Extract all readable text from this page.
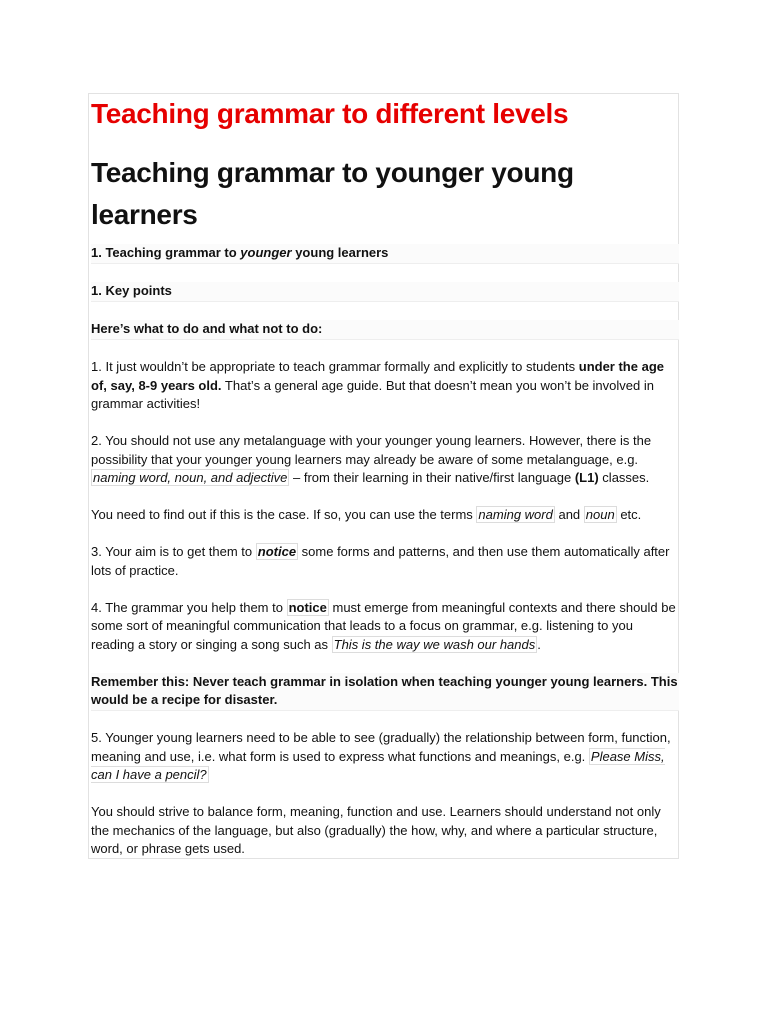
Teaching grammar to different levels
Teaching grammar to younger young learners

1. Teaching grammar to younger young learners

1. Key points

Here’s what to do and what not to do:

1. It just wouldn’t be appropriate to teach grammar formally and explicitly to students under the age of, say, 8-9 years old. That’s a general age guide. But that doesn’t mean you won’t be involved in grammar activities!

2. You should not use any metalanguage with your younger young learners. However, there is the possibility that your younger young learners may already be aware of some metalanguage, e.g. naming word, noun, and adjective – from their learning in their native/first language (L1) classes.

You need to find out if this is the case. If so, you can use the terms naming word and noun etc.

3. Your aim is to get them to notice some forms and patterns, and then use them automatically after lots of practice.

4. The grammar you help them to notice must emerge from meaningful contexts and there should be some sort of meaningful communication that leads to a focus on grammar, e.g. listening to you reading a story or singing a song such as This is the way we wash our hands .

Remember this: Never teach grammar in isolation when teaching younger young learners. This would be a recipe for disaster.

5. Younger young learners need to be able to see (gradually) the relationship between form, function, meaning and use, i.e. what form is used to express what functions and meanings, e.g. Please Miss, can I have a pencil?

You should strive to balance form, meaning, function and use. Learners should understand not only the mechanics of the language, but also (gradually) the how, why, and where a particular structure, word, or phrase gets used.
